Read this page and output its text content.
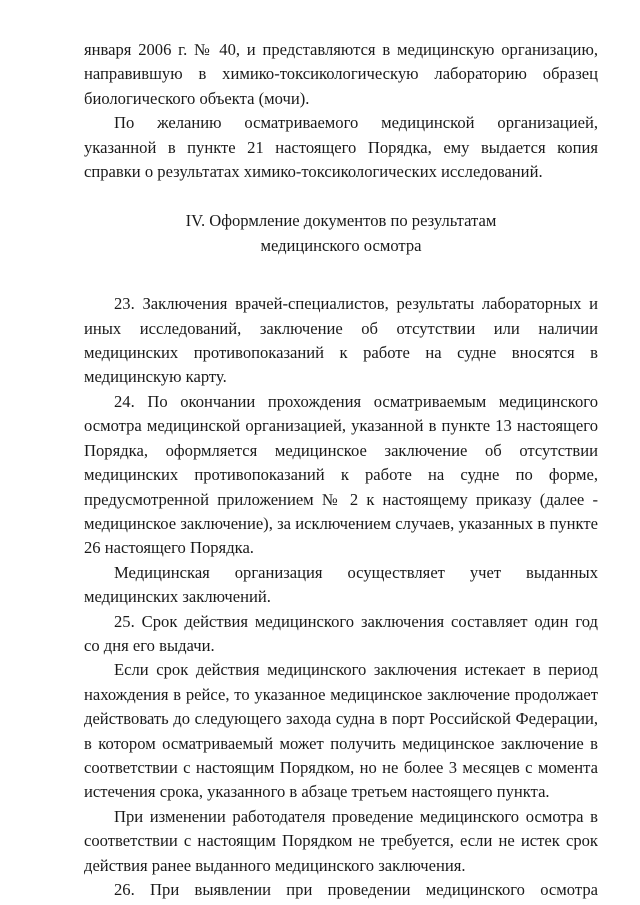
января 2006 г. № 40, и представляются в медицинскую организацию, направившую в химико-токсикологическую лабораторию образец биологического объекта (мочи).

По желанию осматриваемого медицинской организацией, указанной в пункте 21 настоящего Порядка, ему выдается копия справки о результатах химико-токсикологических исследований.

IV. Оформление документов по результатам
медицинского осмотра

23. Заключения врачей-специалистов, результаты лабораторных и иных исследований, заключение об отсутствии или наличии медицинских противопоказаний к работе на судне вносятся в медицинскую карту.

24. По окончании прохождения осматриваемым медицинского осмотра медицинской организацией, указанной в пункте 13 настоящего Порядка, оформляется медицинское заключение об отсутствии медицинских противопоказаний к работе на судне по форме, предусмотренной приложением № 2 к настоящему приказу (далее - медицинское заключение), за исключением случаев, указанных в пункте 26 настоящего Порядка.

Медицинская организация осуществляет учет выданных медицинских заключений.

25. Срок действия медицинского заключения составляет один год со дня его выдачи.

Если срок действия медицинского заключения истекает в период нахождения в рейсе, то указанное медицинское заключение продолжает действовать до следующего захода судна в порт Российской Федерации, в котором осматриваемый может получить медицинское заключение в соответствии с настоящим Порядком, но не более 3 месяцев с момента истечения срока, указанного в абзаце третьем настоящего пункта.

При изменении работодателя проведение медицинского осмотра в соответствии с настоящим Порядком не требуется, если не истек срок действия ранее выданного медицинского заключения.

26. При выявлении при проведении медицинского осмотра
